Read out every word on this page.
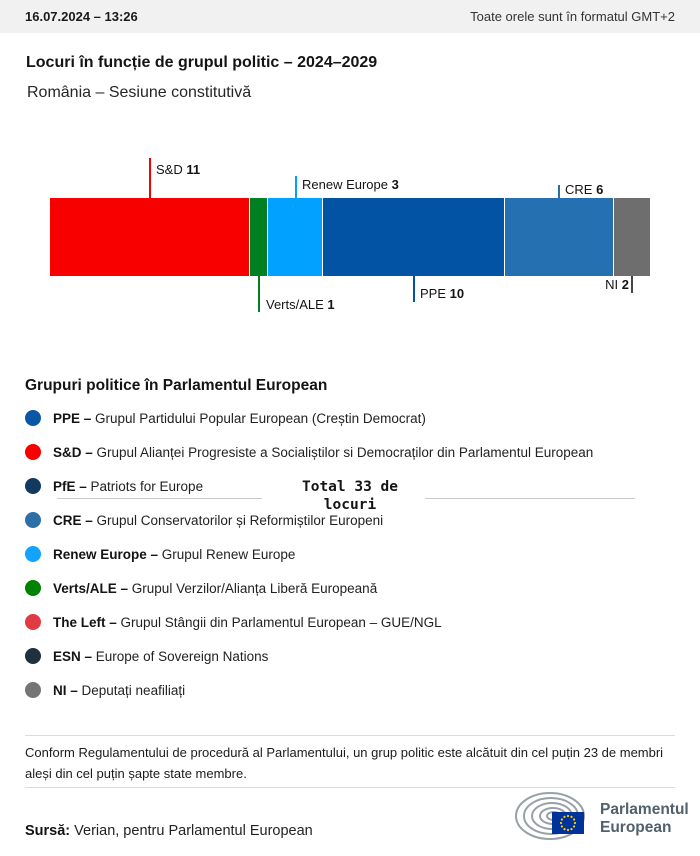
16.07.2024 – 13:26	Toate orele sunt în formatul GMT+2
Locuri în funcție de grupul politic – 2024–2029
România – Sesiune constitutivă
Total 33 de locuri
S&D 11
Verts/ALE 1
Renew Europe 3
PPE 10
CRE 6
NI 2
Grupuri politice în Parlamentul European
PPE – Grupul Partidului Popular European (Creștin Democrat)
S&D – Grupul Alianței Progresiste a Socialiștilor si Democraților din Parlamentul European
PfE – Patriots for Europe
CRE – Grupul Conservatorilor și Reformiștilor Europeni
Renew Europe – Grupul Renew Europe
Verts/ALE – Grupul Verzilor/Alianța Liberă Europeană
The Left – Grupul Stângii din Parlamentul European – GUE/NGL
ESN – Europe of Sovereign Nations
NI – Deputați neafiliați
Conform Regulamentului de procedură al Parlamentului, un grup politic este alcătuit din cel puțin 23 de membri aleși din cel puțin șapte state membre.
Sursă: Verian, pentru Parlamentul European
Parlamentul
European
